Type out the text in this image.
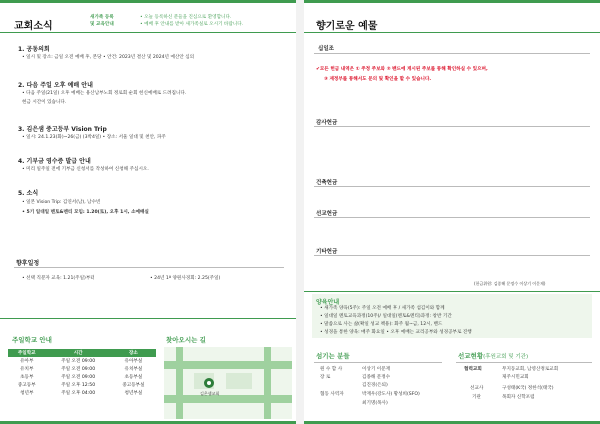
교회소식
새가족 등록
및 교육안내
• 오늘 등록하신 분들을 진심으로 환영합니다.
• 예배 후 안내를 받아 새가족실로 오시기 바랍니다.
1. 공동의회
• 일시 및 장소: 금일 오전 예배 후, 본당 • 안건: 2023년 결산 및 2024년 예산안 심의
2. 다음 주일 오후 예배 안내
• 다음 주일(21일) 오후 예배는 용산남부노회 정로회 순회 헌신예배로 드려집니다.
현금 시간이 있습니다.
3. 김은샘 중고등부 Vision Trip
• 일시: 24.1.23(화)~26(금) (3박4일) • 장소: 서울 일대 및 천안, 파주
4. 기부금 영수증 발급 안내
• 미리 일주일 전에 기부금 신청서를 작성하여 신청해 주십시오.
5. 소식
• 일본 Vision Trip: 김연서(남), 남수빈
• 5기 일대일 멘토&멘티 모임: 1.20(토), 오후 1시, 소예배실
향후일정
• 선택 직분자 교육: 1.21(주일)부터	• 24년 1ª 양원사경회: 2.25(주일)
주일학교 안내
주일학교	시간	장소
유아부	주일 오전 09:00	유아부실
유치부	주일 오전 09:00	유치부실
초등부	주일 오전 09:00	초등부실
중고등부	주일 오후 12:50	중고등부실
청년부	주일 오후 04:00	청년부실
찾아오시는 길
김은샘교회
향기로운 예물
십일조
✔모든 헌금 내역은 ① 주정 주보와 ② 밴드에 게시된 주보를 통해 확인하실 수 있으며,
③ 재정부를 통해서도 문의 및 확인을 할 수 있습니다.
감사헌금
건축헌금
선교헌금
기타헌금
(헌금위원: 김종해 문정수 이상기 이문재)
양육안내
• 새가족 양육(5주): 주일 오전 예배 후 / 새가족 섬김이와 함께
• 일대일 멘토교육과정(10주)/ 일대일(멘토&멘티)과정: 창반 기간
• 말씀으로 사는 삶(확일 성교 책용): 화주 월~금, 12시, 밴드
• 성경을 통한 양육: 매주 화요일 • 오후 예배는 교리공부와 성경공부로 진행
섬기는 분들
원 수 합 사	이상기 이문재
장 로	김종해 문정수
김진경(은퇴)
협동 사역자	박재우(강도사) 황성희(SFO)
최기명(목사)
선교현황(후원교회 및 기관)
협력교회	무지동교회, 남영산정로교회
제주시민교회
선교사	구성태(K국) 정한석(태국)
기관	목회자 신학포럼
